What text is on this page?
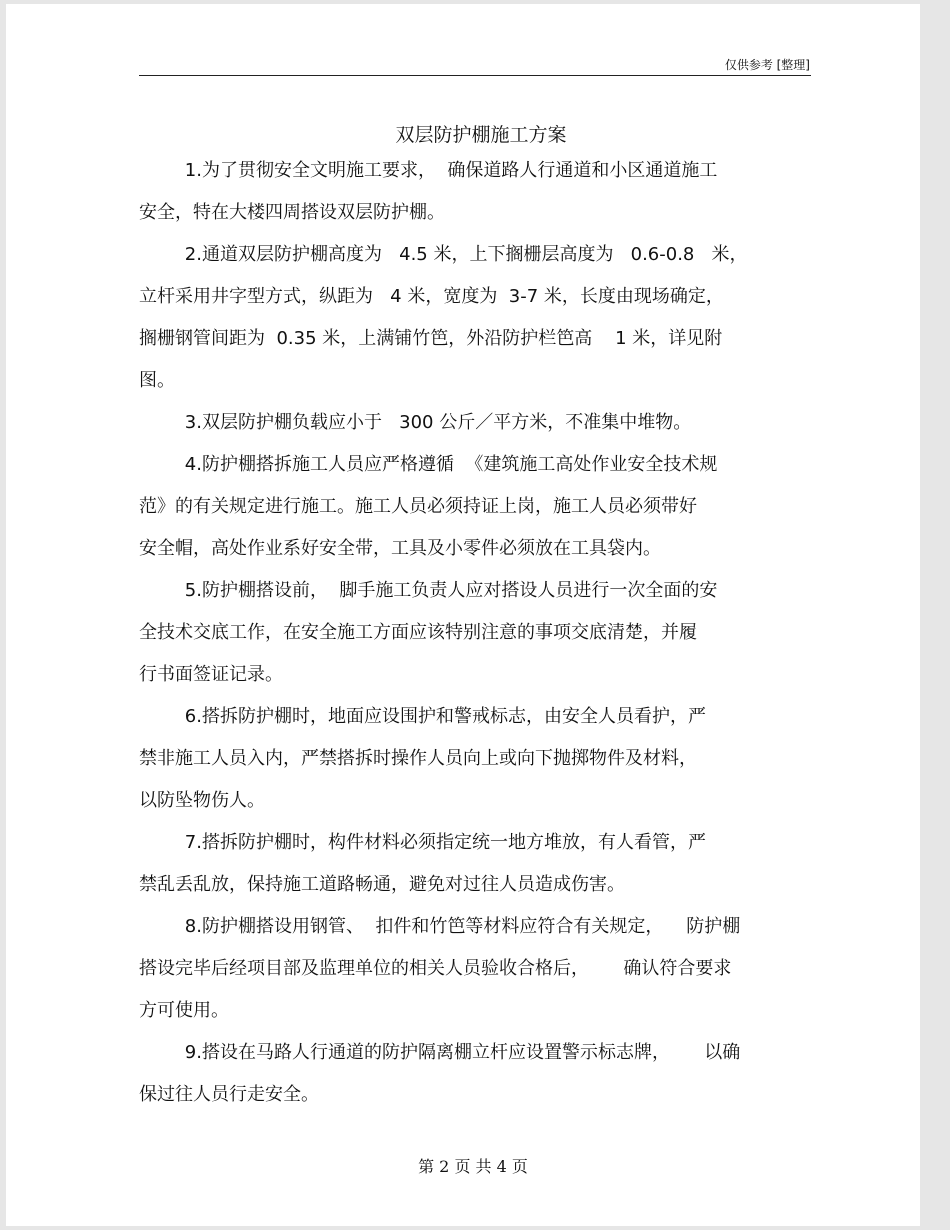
仅供参考 [整理]
双层防护棚施工方案
1.为了贯彻安全文明施工要求，  确保道路人行通道和小区通道施工
安全，特在大楼四周搭设双层防护棚。
2.通道双层防护棚高度为   4.5 米，上下搁栅层高度为   0.6-0.8   米，
立杆采用井字型方式，纵距为   4 米，宽度为  3-7 米，长度由现场确定，
搁栅钢管间距为  0.35 米，上满铺竹笆，外沿防护栏笆高    1 米，详见附
图。
3.双层防护棚负载应小于   300 公斤／平方米，不准集中堆物。
4.防护棚搭拆施工人员应严格遵循  《建筑施工高处作业安全技术规
范》的有关规定进行施工。施工人员必须持证上岗，施工人员必须带好
安全帽，高处作业系好安全带，工具及小零件必须放在工具袋内。
5.防护棚搭设前，  脚手施工负责人应对搭设人员进行一次全面的安
全技术交底工作，在安全施工方面应该特别注意的事项交底清楚，并履
行书面签证记录。
6.搭拆防护棚时，地面应设围护和警戒标志，由安全人员看护，严
禁非施工人员入内，严禁搭拆时操作人员向上或向下抛掷物件及材料，
以防坠物伤人。
7.搭拆防护棚时，构件材料必须指定统一地方堆放，有人看管，严
禁乱丢乱放，保持施工道路畅通，避免对过往人员造成伤害。
8.防护棚搭设用钢管、  扣件和竹笆等材料应符合有关规定，    防护棚
搭设完毕后经项目部及监理单位的相关人员验收合格后，      确认符合要求
方可使用。
9.搭设在马路人行通道的防护隔离棚立杆应设置警示标志牌，      以确
保过往人员行走安全。
第 2 页 共 4 页
